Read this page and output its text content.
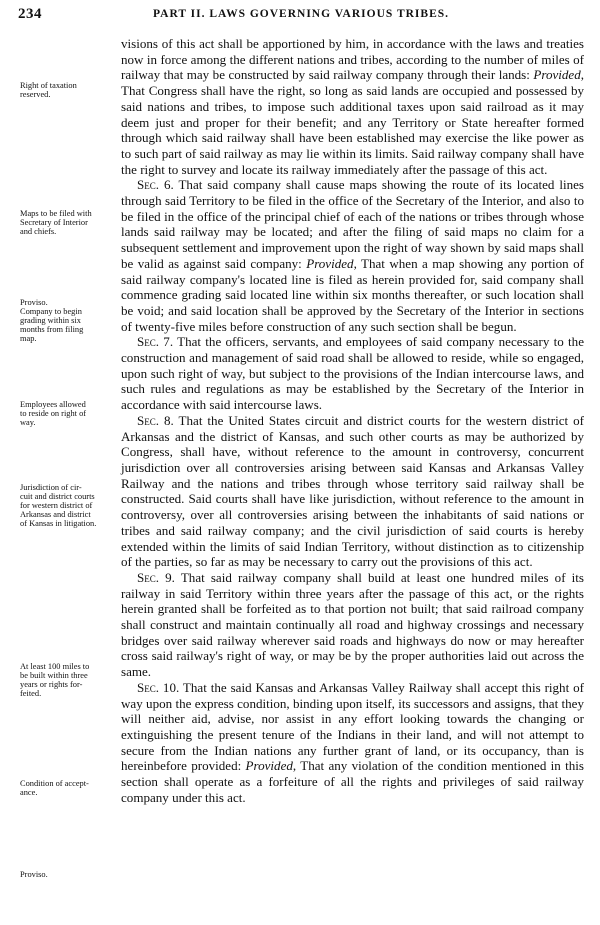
234	PART II. LAWS GOVERNING VARIOUS TRIBES.
Right of taxation
reserved.
Maps to be filed with
Secretary of Interior
and chiefs.
Proviso.
Company to begin
grading within six
months from filing
map.
Employees allowed
to reside on right of
way.
Jurisdiction of cir-
cuit and district courts
for western district of
Arkansas and district
of Kansas in litigation.
At least 100 miles to
be built within three
years or rights for-
feited.
Condition of accept-
ance.
Proviso.

visions of this act shall be apportioned by him, in accordance with the laws and treaties now in force among the different nations and tribes, according to the number of miles of railway that may be constructed by said railway company through their lands: Provided, That Congress shall have the right, so long as said lands are occupied and possessed by said nations and tribes, to impose such additional taxes upon said railroad as it may deem just and proper for their benefit; and any Territory or State hereafter formed through which said railway shall have been established may exercise the like power as to such part of said railway as may lie within its limits. Said railway company shall have the right to survey and locate its railway immediately after the passage of this act.

Sec. 6. That said company shall cause maps showing the route of its located lines through said Territory to be filed in the office of the Secretary of the Interior, and also to be filed in the office of the principal chief of each of the nations or tribes through whose lands said railway may be located; and after the filing of said maps no claim for a subsequent settlement and improvement upon the right of way shown by said maps shall be valid as against said company: Provided, That when a map showing any portion of said railway company's located line is filed as herein provided for, said company shall commence grading said located line within six months thereafter, or such location shall be void; and said location shall be approved by the Secretary of the Interior in sections of twenty-five miles before construction of any such section shall be begun.

Sec. 7. That the officers, servants, and employees of said company necessary to the construction and management of said road shall be allowed to reside, while so engaged, upon such right of way, but subject to the provisions of the Indian intercourse laws, and such rules and regulations as may be established by the Secretary of the Interior in accordance with said intercourse laws.

Sec. 8. That the United States circuit and district courts for the western district of Arkansas and the district of Kansas, and such other courts as may be authorized by Congress, shall have, without reference to the amount in controversy, concurrent jurisdiction over all controversies arising between said Kansas and Arkansas Valley Railway and the nations and tribes through whose territory said railway shall be constructed. Said courts shall have like jurisdiction, without reference to the amount in controversy, over all controversies arising between the inhabitants of said nations or tribes and said railway company; and the civil jurisdiction of said courts is hereby extended within the limits of said Indian Territory, without distinction as to citizenship of the parties, so far as may be necessary to carry out the provisions of this act.

Sec. 9. That said railway company shall build at least one hundred miles of its railway in said Territory within three years after the passage of this act, or the rights herein granted shall be forfeited as to that portion not built; that said railroad company shall construct and maintain continually all road and highway crossings and necessary bridges over said railway wherever said roads and highways do now or may hereafter cross said railway's right of way, or may be by the proper authorities laid out across the same.

Sec. 10. That the said Kansas and Arkansas Valley Railway shall accept this right of way upon the express condition, binding upon itself, its successors and assigns, that they will neither aid, advise, nor assist in any effort looking towards the changing or extinguishing the present tenure of the Indians in their land, and will not attempt to secure from the Indian nations any further grant of land, or its occupancy, than is hereinbefore provided: Provided, That any violation of the condition mentioned in this section shall operate as a forfeiture of all the rights and privileges of said railway company under this act.
